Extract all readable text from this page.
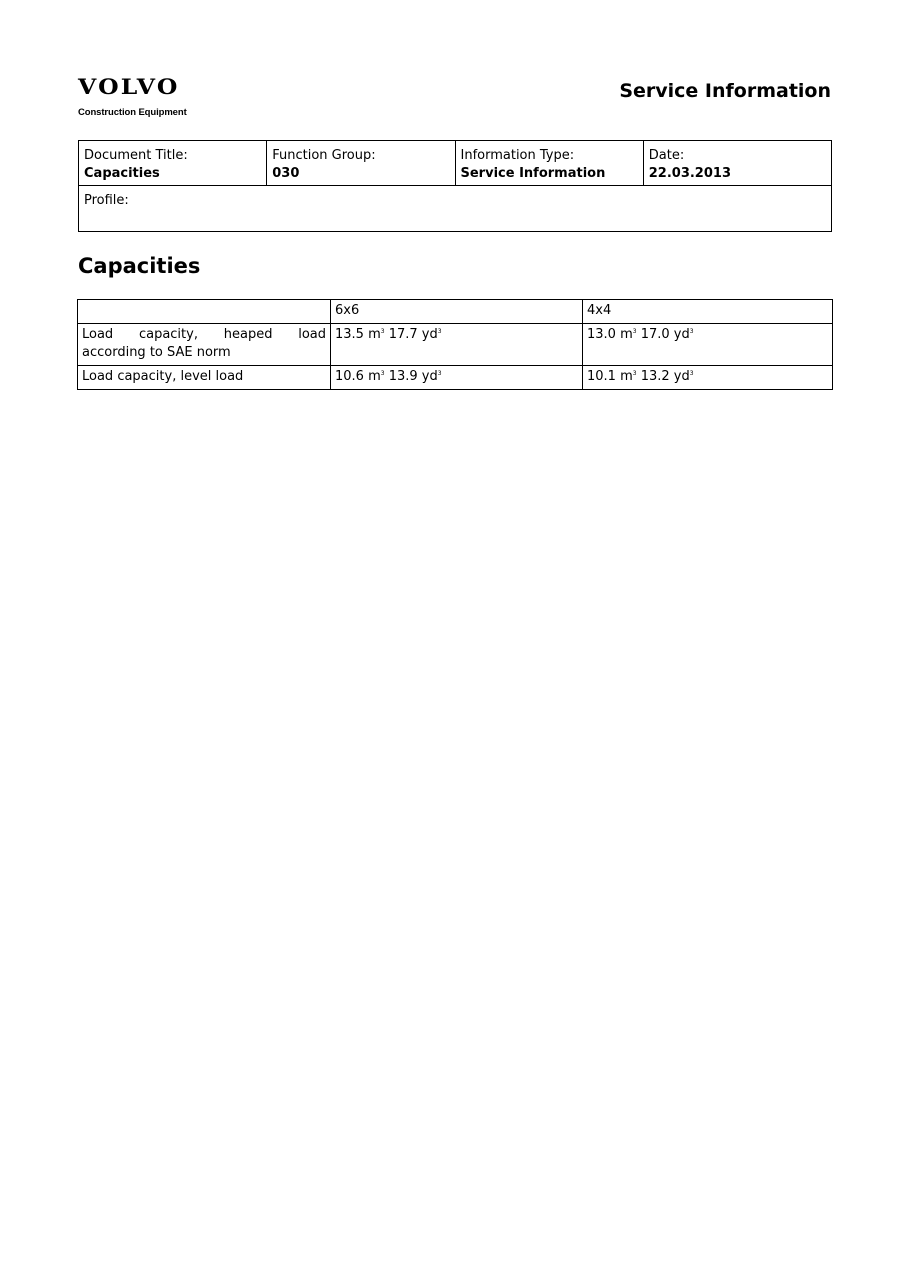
VOLVO
Construction Equipment
Service Information
Document Title:
Capacities
Function Group:
030
Information Type:
Service Information
Date:
22.03.2013
Profile:
Capacities
	6x6	4x4
Load capacity, heaped load according to SAE norm	13.5 $m^3$ 17.7 $yd^3$	13.0 $m^3$ 17.0 $yd^3$
Load capacity, level load	10.6 $m^3$ 13.9 $yd^3$	10.1 $m^3$ 13.2 $yd^3$
